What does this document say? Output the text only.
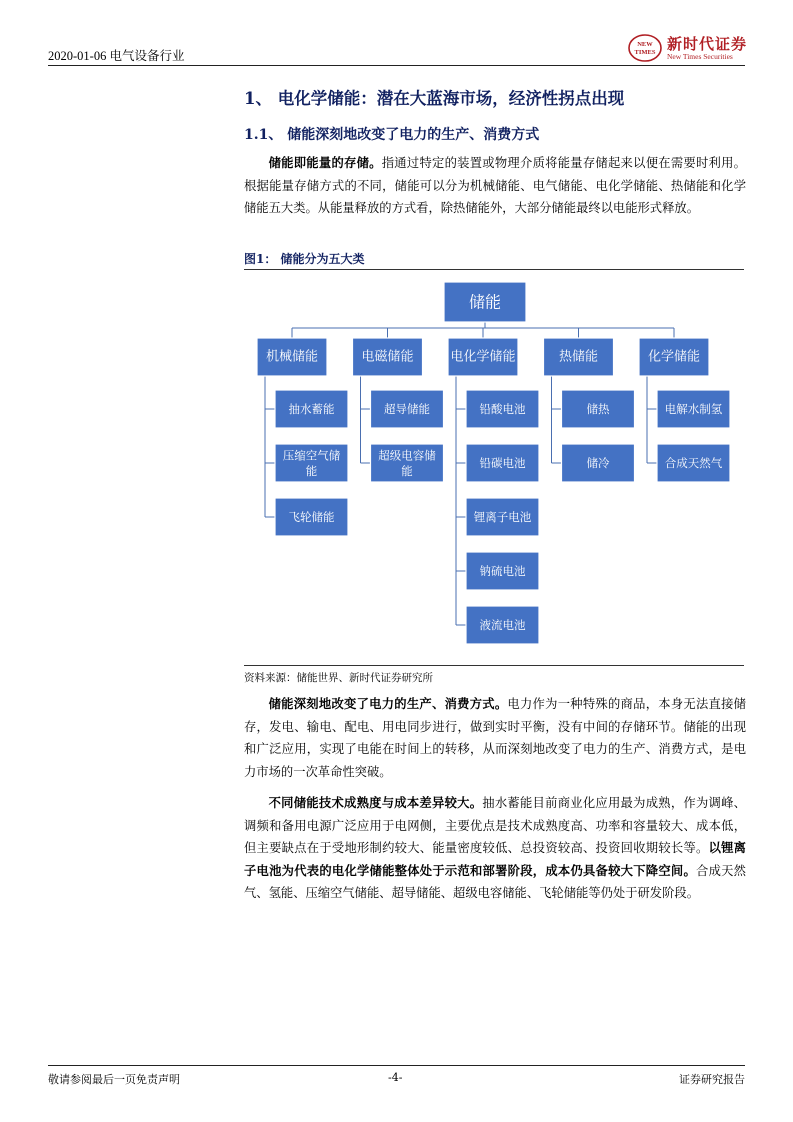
2020-01-06 电气设备行业
NEW
TIMES 新时代证券
New Times Securities
1、 电化学储能：潜在大蓝海市场，经济性拐点出现
1.1、 储能深刻地改变了电力的生产、消费方式
储能即能量的存储。指通过特定的装置或物理介质将能量存储起来以便在需要时利用。根据能量存储方式的不同，储能可以分为机械储能、电气储能、电化学储能、热储能和化学储能五大类。从能量释放的方式看，除热储能外，大部分储能最终以电能形式释放。
图1： 储能分为五大类
储能
机械储能
抽水蓄能
压缩空气储
能
飞轮储能
电磁储能
超导储能
超级电容储
能
电化学储能
铅酸电池
铅碳电池
锂离子电池
钠硫电池
液流电池
热储能
储热
储冷
化学储能
电解水制氢
合成天然气
资料来源：储能世界、新时代证券研究所
储能深刻地改变了电力的生产、消费方式。电力作为一种特殊的商品，本身无法直接储存，发电、输电、配电、用电同步进行，做到实时平衡，没有中间的存储环节。储能的出现和广泛应用，实现了电能在时间上的转移，从而深刻地改变了电力的生产、消费方式，是电力市场的一次革命性突破。
不同储能技术成熟度与成本差异较大。抽水蓄能目前商业化应用最为成熟，作为调峰、调频和备用电源广泛应用于电网侧，主要优点是技术成熟度高、功率和容量较大、成本低，但主要缺点在于受地形制约较大、能量密度较低、总投资较高、投资回收期较长等。以锂离子电池为代表的电化学储能整体处于示范和部署阶段，成本仍具备较大下降空间。合成天然气、氢能、压缩空气储能、超导储能、超级电容储能、飞轮储能等仍处于研发阶段。
敬请参阅最后一页免责声明	-4-	证券研究报告
